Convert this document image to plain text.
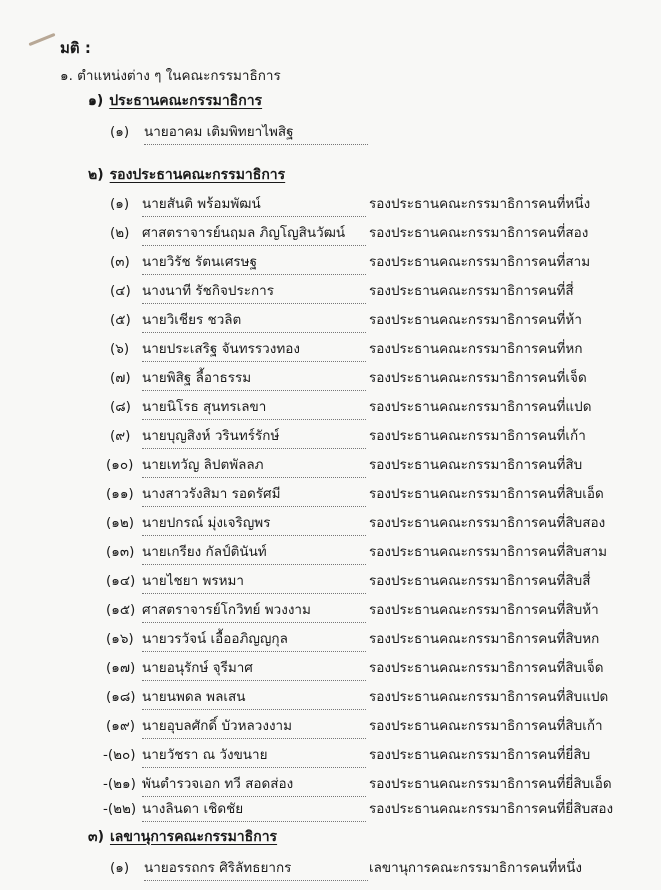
มติ :
๑. ตำแหน่งต่าง ๆ ในคณะกรรมาธิการ
๑) ประธานคณะกรรมาธิการ
(๑) นายอาคม เติมพิทยาไพสิฐ
๒) รองประธานคณะกรรมาธิการ
(๑) นายสันติ พร้อมพัฒน์	รองประธานคณะกรรมาธิการคนที่หนึ่ง
(๒) ศาสตราจารย์นฤมล ภิญโญสินวัฒน์	รองประธานคณะกรรมาธิการคนที่สอง
(๓) นายวิรัช รัตนเศรษฐ	รองประธานคณะกรรมาธิการคนที่สาม
(๔) นางนาที รัชกิจประการ	รองประธานคณะกรรมาธิการคนที่สี่
(๕) นายวิเชียร ชวลิต	รองประธานคณะกรรมาธิการคนที่ห้า
(๖) นายประเสริฐ จันทรรวงทอง	รองประธานคณะกรรมาธิการคนที่หก
(๗) นายพิสิฐ ลี้อาธรรม	รองประธานคณะกรรมาธิการคนที่เจ็ด
(๘) นายนิโรธ สุนทรเลขา	รองประธานคณะกรรมาธิการคนที่แปด
(๙) นายบุญสิงห์ วรินทร์รักษ์	รองประธานคณะกรรมาธิการคนที่เก้า
(๑๐) นายเทวัญ ลิปตพัลลภ	รองประธานคณะกรรมาธิการคนที่สิบ
(๑๑) นางสาวรังสิมา รอดรัศมี	รองประธานคณะกรรมาธิการคนที่สิบเอ็ด
(๑๒) นายปกรณ์ มุ่งเจริญพร	รองประธานคณะกรรมาธิการคนที่สิบสอง
(๑๓) นายเกรียง กัลป์ตินันท์	รองประธานคณะกรรมาธิการคนที่สิบสาม
(๑๔) นายไชยา พรหมา	รองประธานคณะกรรมาธิการคนที่สิบสี่
(๑๕) ศาสตราจารย์โกวิทย์ พวงงาม	รองประธานคณะกรรมาธิการคนที่สิบห้า
(๑๖) นายวรวัจน์ เอื้ออภิญญกุล	รองประธานคณะกรรมาธิการคนที่สิบหก
(๑๗) นายอนุรักษ์ จุรีมาศ	รองประธานคณะกรรมาธิการคนที่สิบเจ็ด
(๑๘) นายนพดล พลเสน	รองประธานคณะกรรมาธิการคนที่สิบแปด
(๑๙) นายอุบลศักดิ์ บัวหลวงงาม	รองประธานคณะกรรมาธิการคนที่สิบเก้า
-(๒๐) นายวัชรา ณ วังขนาย	รองประธานคณะกรรมาธิการคนที่ยี่สิบ
-(๒๑) พันตำรวจเอก ทวี สอดส่อง	รองประธานคณะกรรมาธิการคนที่ยี่สิบเอ็ด
-(๒๒) นางลินดา เชิดชัย	รองประธานคณะกรรมาธิการคนที่ยี่สิบสอง
๓) เลขานุการคณะกรรมาธิการ
(๑) นายอรรถกร ศิริลัทธยากร	เลขานุการคณะกรรมาธิการคนที่หนึ่ง
